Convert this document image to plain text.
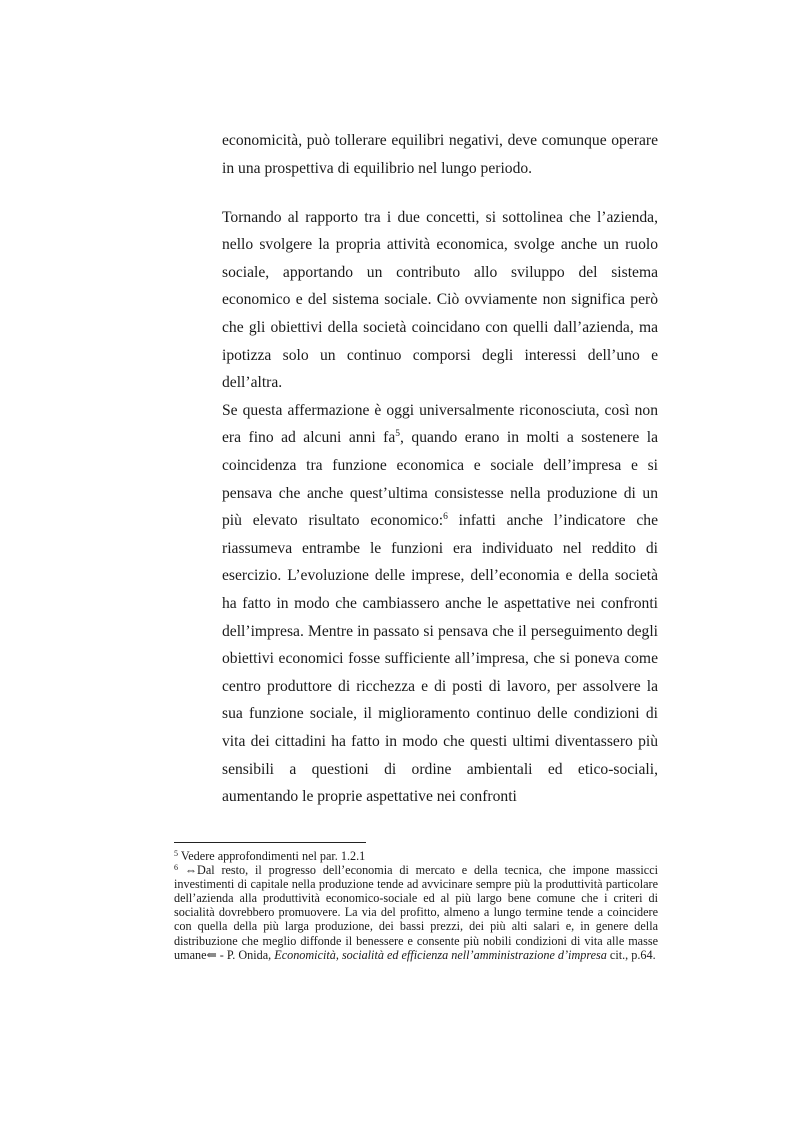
economicità, può tollerare equilibri negativi, deve comunque operare in una prospettiva di equilibrio nel lungo periodo.

Tornando al rapporto tra i due concetti, si sottolinea che l’azienda, nello svolgere la propria attività economica, svolge anche un ruolo sociale, apportando un contributo allo sviluppo del sistema economico e del sistema sociale. Ciò ovviamente non significa però che gli obiettivi della società coincidano con quelli dall’azienda, ma ipotizza solo un continuo comporsi degli interessi dell’uno e dell’altra.

Se questa affermazione è oggi universalmente riconosciuta, così non era fino ad alcuni anni $fa^5$, quando erano in molti a sostenere la coincidenza tra funzione economica e sociale dell’impresa e si pensava che anche quest’ultima consistesse nella produzione di un più elevato risultato economico:$^6$ infatti anche l’indicatore che riassumeva entrambe le funzioni era individuato nel reddito di esercizio. L’evoluzione delle imprese, dell’economia e della società ha fatto in modo che cambiassero anche le aspettative nei confronti dell’impresa. Mentre in passato si pensava che il perseguimento degli obiettivi economici fosse sufficiente all’impresa, che si poneva come centro produttore di ricchezza e di posti di lavoro, per assolvere la sua funzione sociale, il miglioramento continuo delle condizioni di vita dei cittadini ha fatto in modo che questi ultimi diventassero più sensibili a questioni di ordine ambientali ed etico-sociali, aumentando le proprie aspettative nei confronti

$^5$ Vedere approfondimenti nel par. 1.2.1

$^6$ ⇔Dal resto, il progresso dell’economia di mercato e della tecnica, che impone massicci investimenti di capitale nella produzione tende ad avvicinare sempre più la produttività particolare dell’azienda alla produttività economico-sociale ed al più largo bene comune che i criteri di socialità dovrebbero promuovere. La via del profitto, almeno a lungo termine tende a coincidere con quella della più larga produzione, dei bassi prezzi, dei più alti salari e, in genere della distribuzione che meglio diffonde il benessere e consente più nobili condizioni di vita alle masse umane⇐ - P. Onida, Economicità, socialità ed efficienza nell’amministrazione d’impresa cit., p.64.
